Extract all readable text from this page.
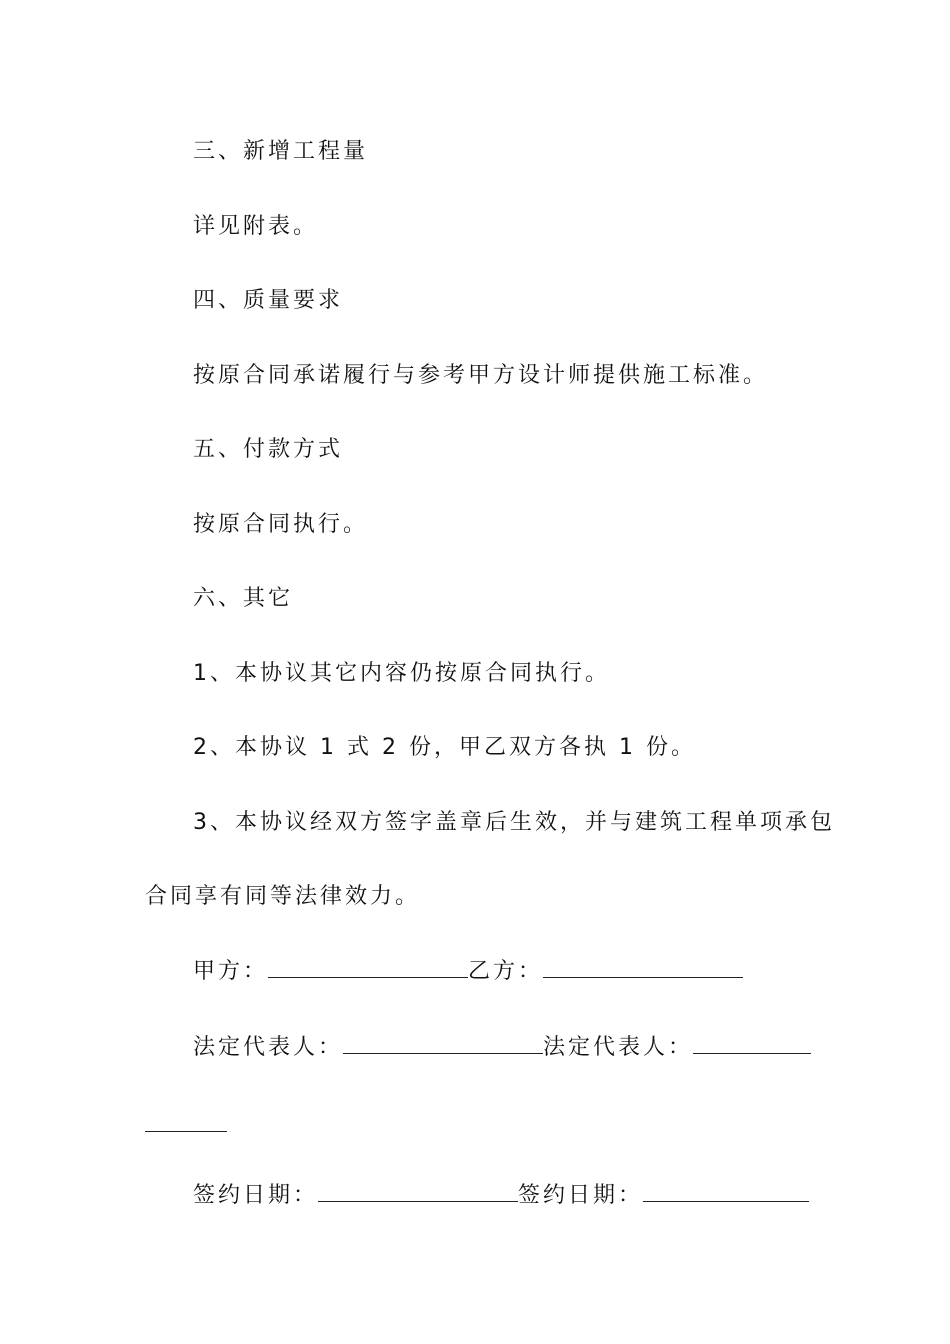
三、新增工程量
详见附表。
四、质量要求
按原合同承诺履行与参考甲方设计师提供施工标准。
五、付款方式
按原合同执行。
六、其它
1、本协议其它内容仍按原合同执行。
2、本协议 1 式 2 份，甲乙双方各执 1 份。
3、本协议经双方签字盖章后生效，并与建筑工程单项承包
合同享有同等法律效力。
甲方：	乙方：
法定代表人：	法定代表人：
签约日期：	签约日期：
